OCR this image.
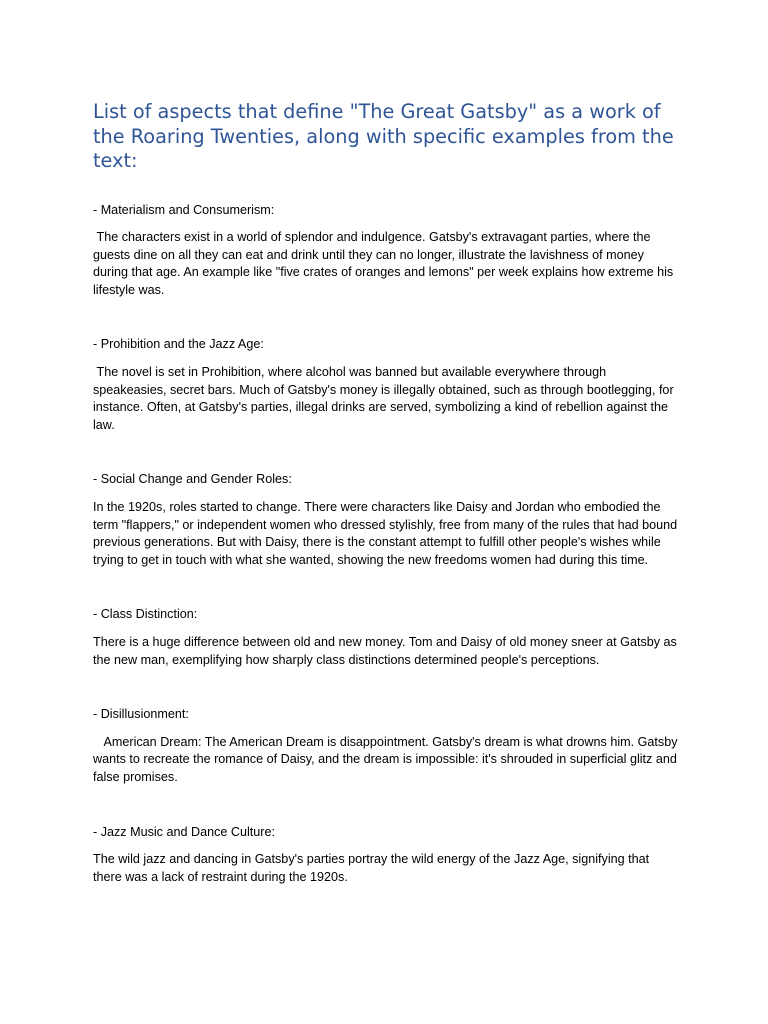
List of aspects that define "The Great Gatsby" as a work of the Roaring Twenties, along with specific examples from the text:

- Materialism and Consumerism:

The characters exist in a world of splendor and indulgence. Gatsby's extravagant parties, where the guests dine on all they can eat and drink until they can no longer, illustrate the lavishness of money during that age. An example like "five crates of oranges and lemons" per week explains how extreme his lifestyle was.

- Prohibition and the Jazz Age:

The novel is set in Prohibition, where alcohol was banned but available everywhere through speakeasies, secret bars. Much of Gatsby's money is illegally obtained, such as through bootlegging, for instance. Often, at Gatsby's parties, illegal drinks are served, symbolizing a kind of rebellion against the law.

- Social Change and Gender Roles:

In the 1920s, roles started to change. There were characters like Daisy and Jordan who embodied the term "flappers," or independent women who dressed stylishly, free from many of the rules that had bound previous generations. But with Daisy, there is the constant attempt to fulfill other people's wishes while trying to get in touch with what she wanted, showing the new freedoms women had during this time.

- Class Distinction:

There is a huge difference between old and new money. Tom and Daisy of old money sneer at Gatsby as the new man, exemplifying how sharply class distinctions determined people's perceptions.

- Disillusionment:

American Dream: The American Dream is disappointment. Gatsby's dream is what drowns him. Gatsby wants to recreate the romance of Daisy, and the dream is impossible: it's shrouded in superficial glitz and false promises.

- Jazz Music and Dance Culture:

The wild jazz and dancing in Gatsby's parties portray the wild energy of the Jazz Age, signifying that there was a lack of restraint during the 1920s.
